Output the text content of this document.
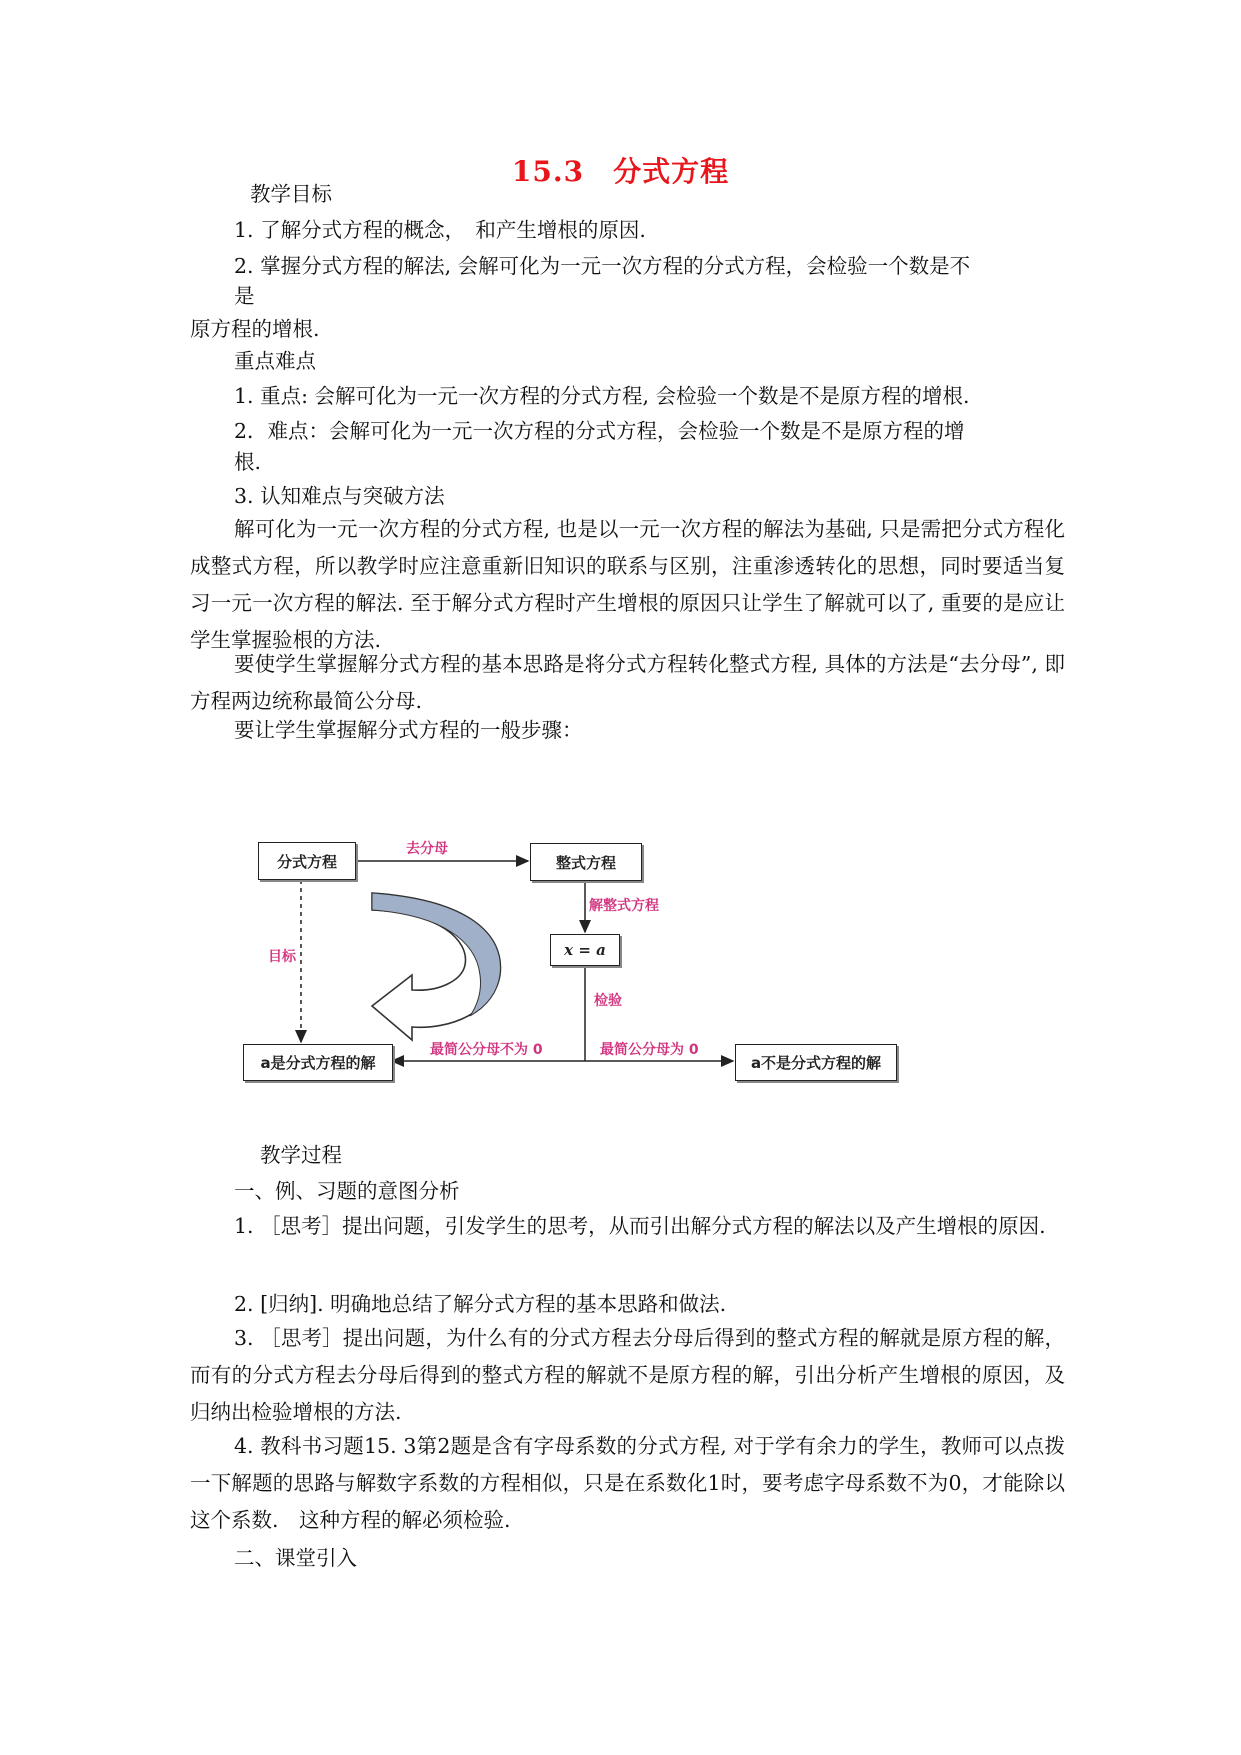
15.3　分式方程
教学目标
1. 了解分式方程的概念，　和产生增根的原因.
2. 掌握分式方程的解法, 会解可化为一元一次方程的分式方程，会检验一个数是不
是
原方程的增根.
重点难点
1. 重点: 会解可化为一元一次方程的分式方程, 会检验一个数是不是原方程的增根.
2．难点：会解可化为一元一次方程的分式方程，会检验一个数是不是原方程的增
根.
3. 认知难点与突破方法
解可化为一元一次方程的分式方程, 也是以一元一次方程的解法为基础, 只是需把分式方程化成整式方程，所以教学时应注意重新旧知识的联系与区别，注重渗透转化的思想，同时要适当复习一元一次方程的解法. 至于解分式方程时产生增根的原因只让学生了解就可以了, 重要的是应让学生掌握验根的方法.
要使学生掌握解分式方程的基本思路是将分式方程转化整式方程, 具体的方法是“去分母”, 即方程两边统称最简公分母.
要让学生掌握解分式方程的一般步骤：
分式方程	整式方程
x = a
a是分式方程的解	a不是分式方程的解
去分母
解整式方程
目标
检验
最简公分母不为 0	最简公分母为 0
教学过程
一、例、习题的意图分析
1. ［思考］提出问题，引发学生的思考，从而引出解分式方程的解法以及产生增根的原因.
2. [归纳]. 明确地总结了解分式方程的基本思路和做法.
3. ［思考］提出问题，为什么有的分式方程去分母后得到的整式方程的解就是原方程的解，而有的分式方程去分母后得到的整式方程的解就不是原方程的解，引出分析产生增根的原因，及归纳出检验增根的方法.
4. 教科书习题15. 3第2题是含有字母系数的分式方程, 对于学有余力的学生，教师可以点拨一下解题的思路与解数字系数的方程相似，只是在系数化1时，要考虑字母系数不为0，才能除以这个系数.　这种方程的解必须检验.
二、课堂引入
